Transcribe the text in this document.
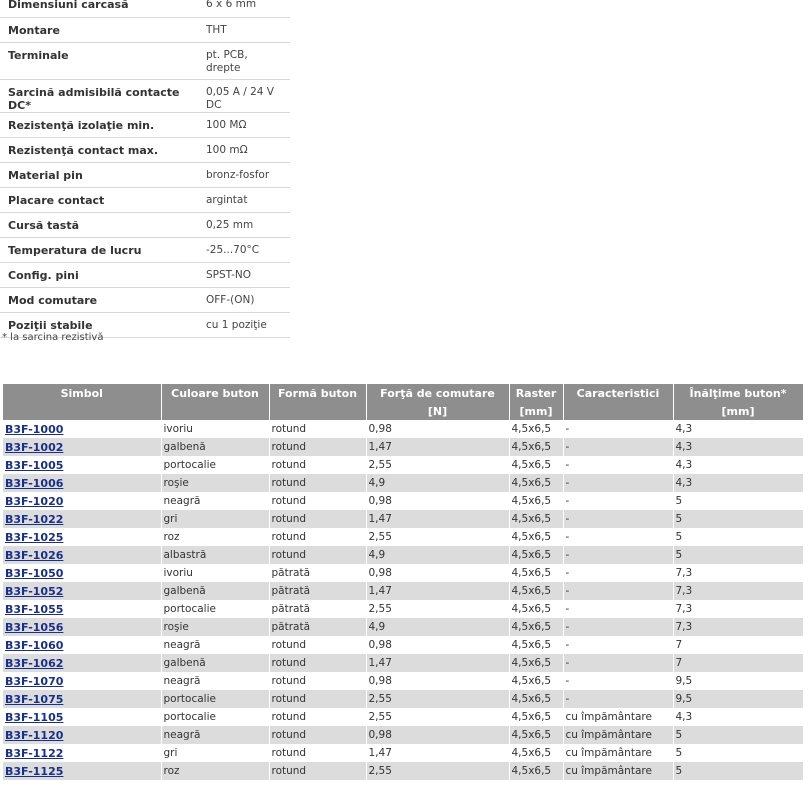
Dimensiuni carcasă	6 x 6 mm
Montare	THT
Terminale	pt. PCB,
drepte
Sarcină admisibilă contacte DC*	0,05 A / 24 V DC
Rezistenţă izolaţie min.	100 MΩ
Rezistenţă contact max.	100 mΩ
Material pin	bronz-fosfor
Placare contact	argintat
Cursă tastă	0,25 mm
Temperatura de lucru	-25...70°C
Config. pini	SPST-NO
Mod comutare	OFF-(ON)
Poziţii stabile	cu 1 poziţie
* la sarcina rezistivă
Simbol	Culoare buton	Formă buton	Forţă de comutare	Raster	Caracteristici	Înălţime buton*
			[N]	[mm]		[mm]
B3F-1000	ivoriu	rotund	0,98	4,5x6,5	-	4,3
B3F-1002	galbenă	rotund	1,47	4,5x6,5	-	4,3
B3F-1005	portocalie	rotund	2,55	4,5x6,5	-	4,3
B3F-1006	roşie	rotund	4,9	4,5x6,5	-	4,3
B3F-1020	neagră	rotund	0,98	4,5x6,5	-	5
B3F-1022	gri	rotund	1,47	4,5x6,5	-	5
B3F-1025	roz	rotund	2,55	4,5x6,5	-	5
B3F-1026	albastră	rotund	4,9	4,5x6,5	-	5
B3F-1050	ivoriu	pătrată	0,98	4,5x6,5	-	7,3
B3F-1052	galbenă	pătrată	1,47	4,5x6,5	-	7,3
B3F-1055	portocalie	pătrată	2,55	4,5x6,5	-	7,3
B3F-1056	roşie	pătrată	4,9	4,5x6,5	-	7,3
B3F-1060	neagră	rotund	0,98	4,5x6,5	-	7
B3F-1062	galbenă	rotund	1,47	4,5x6,5	-	7
B3F-1070	neagră	rotund	0,98	4,5x6,5	-	9,5
B3F-1075	portocalie	rotund	2,55	4,5x6,5	-	9,5
B3F-1105	portocalie	rotund	2,55	4,5x6,5	cu împământare	4,3
B3F-1120	neagră	rotund	0,98	4,5x6,5	cu împământare	5
B3F-1122	gri	rotund	1,47	4,5x6,5	cu împământare	5
B3F-1125	roz	rotund	2,55	4,5x6,5	cu împământare	5
